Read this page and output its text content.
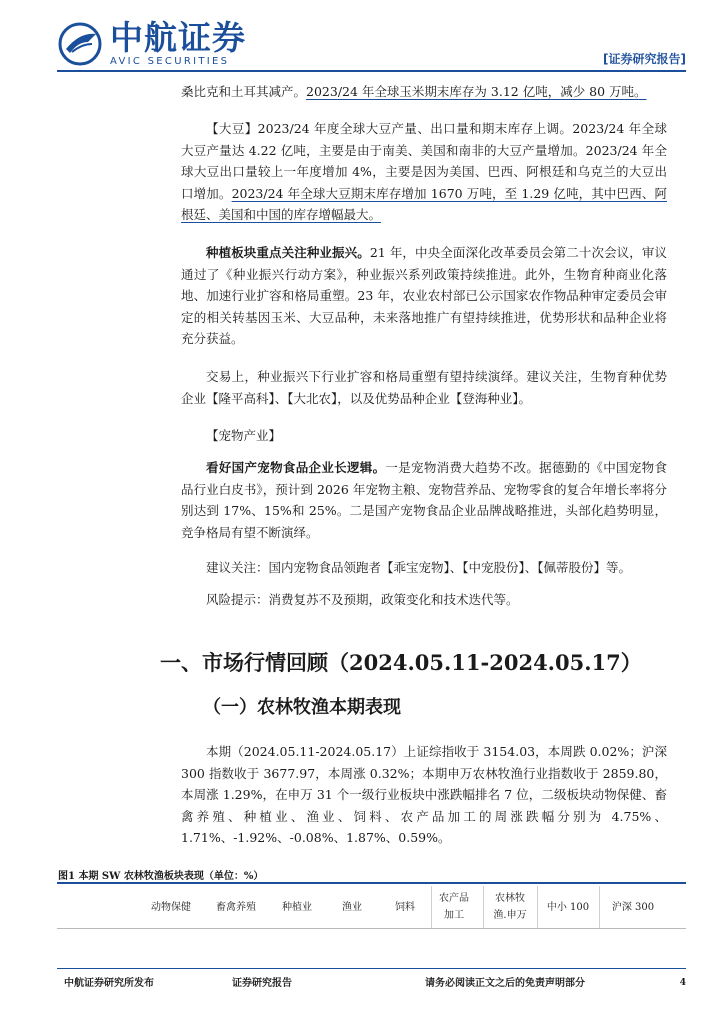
中航证券
AVIC SECURITIES	[证券研究报告]
桑比克和土耳其减产。2023/24 年全球玉米期末库存为 3.12 亿吨，减少 80 万吨。
【大豆】2023/24 年度全球大豆产量、出口量和期末库存上调。2023/24 年全球大豆产量达 4.22 亿吨，主要是由于南美、美国和南非的大豆产量增加。2023/24 年全球大豆出口量较上一年度增加 4%，主要是因为美国、巴西、阿根廷和乌克兰的大豆出口增加。2023/24 年全球大豆期末库存增加 1670 万吨，至 1.29 亿吨，其中巴西、阿根廷、美国和中国的库存增幅最大。
种植板块重点关注种业振兴。21 年，中央全面深化改革委员会第二十次会议，审议通过了《种业振兴行动方案》，种业振兴系列政策持续推进。此外，生物育种商业化落地、加速行业扩容和格局重塑。23 年，农业农村部已公示国家农作物品种审定委员会审定的相关转基因玉米、大豆品种，未来落地推广有望持续推进，优势形状和品种企业将充分获益。
交易上，种业振兴下行业扩容和格局重塑有望持续演绎。建议关注，生物育种优势企业【隆平高科】、【大北农】，以及优势品种企业【登海种业】。
【宠物产业】
看好国产宠物食品企业长逻辑。一是宠物消费大趋势不改。据德勤的《中国宠物食品行业白皮书》，预计到 2026 年宠物主粮、宠物营养品、宠物零食的复合年增长率将分别达到 17%、15%和 25%。二是国产宠物食品企业品牌战略推进，头部化趋势明显，竞争格局有望不断演绎。
建议关注：国内宠物食品领跑者【乖宝宠物】、【中宠股份】、【佩蒂股份】等。
风险提示：消费复苏不及预期，政策变化和技术迭代等。
一、市场行情回顾（2024.05.11-2024.05.17）
（一）农林牧渔本期表现
本期（2024.05.11-2024.05.17）上证综指收于 3154.03，本周跌 0.02%；沪深 300 指数收于 3677.97，本周涨 0.32%；本期申万农林牧渔行业指数收于 2859.80，本周涨 1.29%，在申万 31 个一级行业板块中涨跌幅排名 7 位，二级板块动物保健、畜禽养殖、种植业、渔业、饲料、农产品加工的周涨跌幅分别为 4.75%、1.71%、-1.92%、-0.08%、1.87%、0.59%。
图1 本期 SW 农林牧渔板块表现（单位：%）
动物保健	畜禽养殖	种植业	渔业	饲料
农产品加工
农林牧渔.申万
中小 100	沪深 300
中航证券研究所发布	证券研究报告	请务必阅读正文之后的免责声明部分	4
